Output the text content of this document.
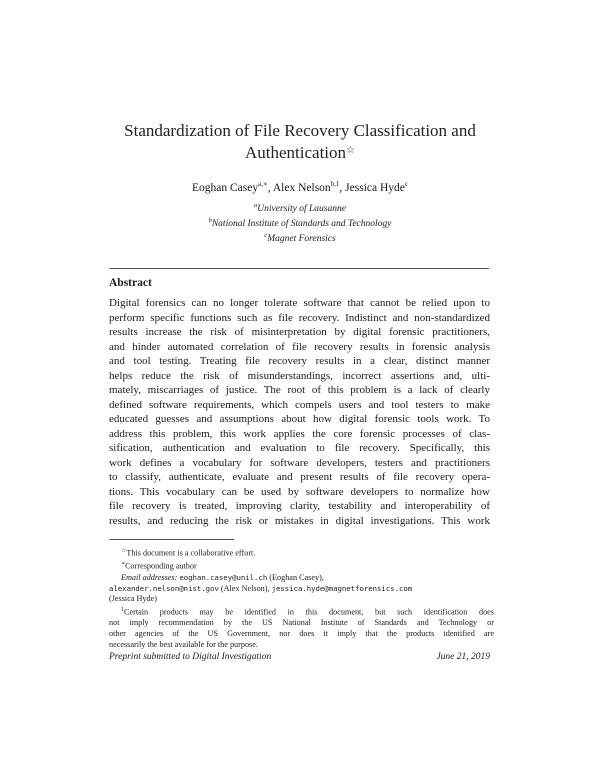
Standardization of File Recovery Classification and
Authentication☆
Eoghan Casey$^{a,∗}$, Alex Nelson$^{b,1}$, Jessica Hyde$^c$
$^a$University of Lausanne
$^b$National Institute of Standards and Technology
$^c$Magnet Forensics
Abstract
Digital forensics can no longer tolerate software that cannot be relied upon to
perform specific functions such as file recovery. Indistinct and non-standardized
results increase the risk of misinterpretation by digital forensic practitioners,
and hinder automated correlation of file recovery results in forensic analysis
and tool testing. Treating file recovery results in a clear, distinct manner
helps reduce the risk of misunderstandings, incorrect assertions and, ulti-
mately, miscarriages of justice. The root of this problem is a lack of clearly
defined software requirements, which compels users and tool testers to make
educated guesses and assumptions about how digital forensic tools work. To
address this problem, this work applies the core forensic processes of clas-
sification, authentication and evaluation to file recovery. Specifically, this
work defines a vocabulary for software developers, testers and practitioners
to classify, authenticate, evaluate and present results of file recovery opera-
tions. This vocabulary can be used by software developers to normalize how
file recovery is treated, improving clarity, testability and interoperability of
results, and reducing the risk or mistakes in digital investigations. This work
☆This document is a collaborative effort.
∗Corresponding author
Email addresses: eoghan.casey@unil.ch (Eoghan Casey),
alexander.nelson@nist.gov (Alex Nelson), jessica.hyde@magnetforensics.com
(Jessica Hyde)
$^1$Certain products may be identified in this document, but such identification does
not imply recommendation by the US National Institute of Standards and Technology or
other agencies of the US Government, nor does it imply that the products identified are
necessarily the best available for the purpose.
Preprint submitted to Digital Investigation	June 21, 2019
